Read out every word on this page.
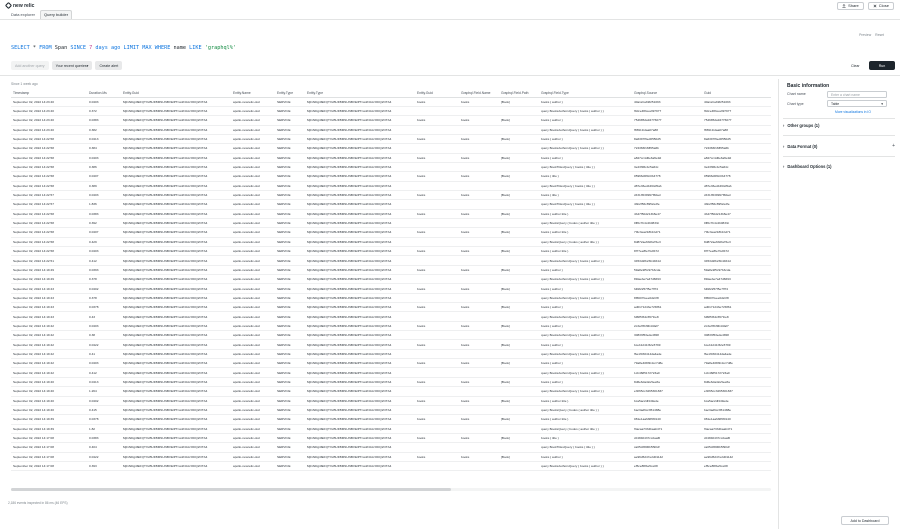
new relic	Share	Close
Data explorer	Query builder
Preview Reset
SELECT * FROM Span SINCE 7 days ago LIMIT MAX WHERE name LIKE 'graphql%'
Add another query	Your recent queries ▾	Create alert	Clear	Run
Since 1 week ago
Timestamp	Duration.Ms	Entity.Guid	Entity.Name	Entity.Type	Entity.Type	Entity.Guid	Graphql.Field.Name	Graphql.Field.Path	Graphql.Field.Type	Graphql.Source	Guid
September 02, 2022 14:23:40	0.0403	MjI1NDg4fEFQTXxBUFBMSUNBVElPTnw2NzAzODQ2OTA4	apollo-newrelic-okd	SERVICE	MjI1NDg4fEFQTXxBUFBMSUNBVElPTnw2NzAzODQ2OTA4	books	books	[Book]	books { author }	40a12cab9f251093	40a12cab9f251093
September 02, 2022 14:23:40	0.372	MjI1NDg4fEFQTXxBUFBMSUNBVElPTnw2NzAzODQ2OTA4	apollo-newrelic-okd	SERVICE	MjI1NDg4fEFQTXxBUFBMSUNBVElPTnw2NzAzODQ2OTA4				query BooksAuthorsQuery { books { author } }	fb0ce4f8cea397977	fb0ce4f8cea397977
September 02, 2022 14:23:40	0.0383	MjI1NDg4fEFQTXxBUFBMSUNBVElPTnw2NzAzODQ2OTA4	apollo-newrelic-okd	SERVICE	MjI1NDg4fEFQTXxBUFBMSUNBVElPTnw2NzAzODQ2OTA4	books	books	[Book]	books { author }	7546852a94776077	7546852a94776077
September 02, 2022 14:23:40	0.382	MjI1NDg4fEFQTXxBUFBMSUNBVElPTnw2NzAzODQ2OTA4	apollo-newrelic-okd	SERVICE	MjI1NDg4fEFQTXxBUFBMSUNBVElPTnw2NzAzODQ2OTA4				query BooksAuthorsQuery { books { author } }	f6591fcdaa07a88	f6591fcdaa07a88
September 02, 2022 14:22:58	0.0413	MjI1NDg4fEFQTXxBUFBMSUNBVElPTnw2NzAzODQ2OTA4	apollo-newrelic-okd	SERVICE	MjI1NDg4fEFQTXxBUFBMSUNBVElPTnw2NzAzODQ2OTA4	books	books	[Book]	books { author }	8a6397f9ed0550d5	8a6397f9ed0550d5
September 02, 2022 14:22:58	0.384	MjI1NDg4fEFQTXxBUFBMSUNBVElPTnw2NzAzODQ2OTA4	apollo-newrelic-okd	SERVICE	MjI1NDg4fEFQTXxBUFBMSUNBVElPTnw2NzAzODQ2OTA4				query BooksAuthorsQuery { books { author } }	724366f16ff65a6b	724366f16ff65a6b
September 02, 2022 14:22:58	0.0403	MjI1NDg4fEFQTXxBUFBMSUNBVElPTnw2NzAzODQ2OTA4	apollo-newrelic-okd	SERVICE	MjI1NDg4fEFQTXxBUFBMSUNBVElPTnw2NzAzODQ2OTA4	books	books	[Book]	books { author }	a827cc4d6e6a5e9d	a827cc4d6e6a5e9d
September 02, 2022 14:22:58	0.386	MjI1NDg4fEFQTXxBUFBMSUNBVElPTnw2NzAzODQ2OTA4	apollo-newrelic-okd	SERVICE	MjI1NDg4fEFQTXxBUFBMSUNBVElPTnw2NzAzODQ2OTA4				query BookTitlesQuery { books { title } }	3e23f96c4c5a64c	3e23f96c4c5a64c
September 02, 2022 14:22:58	0.0407	MjI1NDg4fEFQTXxBUFBMSUNBVElPTnw2NzAzODQ2OTA4	apollo-newrelic-okd	SERVICE	MjI1NDg4fEFQTXxBUFBMSUNBVElPTnw2NzAzODQ2OTA4	books	books	[Book]	books { title }	05966d6f0c0b4778	05966d6f0c0b4778
September 02, 2022 14:22:58	0.389	MjI1NDg4fEFQTXxBUFBMSUNBVElPTnw2NzAzODQ2OTA4	apollo-newrelic-okd	SERVICE	MjI1NDg4fEFQTXxBUFBMSUNBVElPTnw2NzAzODQ2OTA4				query BookTitlesQuery { books { title } }	d87e36ed4464d5ab	d87e36ed4464d5ab
September 02, 2022 14:22:57	0.0403	MjI1NDg4fEFQTXxBUFBMSUNBVElPTnw2NzAzODQ2OTA4	apollo-newrelic-okd	SERVICE	MjI1NDg4fEFQTXxBUFBMSUNBVElPTnw2NzAzODQ2OTA4	books	books	[Book]	books { title }	c6313539997f60ad	c6313539997f60ad
September 02, 2022 14:22:57	1.836	MjI1NDg4fEFQTXxBUFBMSUNBVElPTnw2NzAzODQ2OTA4	apollo-newrelic-okd	SERVICE	MjI1NDg4fEFQTXxBUFBMSUNBVElPTnw2NzAzODQ2OTA4				query BookTitlesQuery { books { title } }	4bb2f56c8952e2fe	4bb2f56c8952e2fe
September 02, 2022 14:22:58	0.0383	MjI1NDg4fEFQTXxBUFBMSUNBVElPTnw2NzAzODQ2OTA4	apollo-newrelic-okd	SERVICE	MjI1NDg4fEFQTXxBUFBMSUNBVElPTnw2NzAzODQ2OTA4	books	books	[Book]	books { author title }	4b47f50d213b8e47	4b47f50d213b8e47
September 02, 2022 14:22:58	0.392	MjI1NDg4fEFQTXxBUFBMSUNBVElPTnw2NzAzODQ2OTA4	apollo-newrelic-okd	SERVICE	MjI1NDg4fEFQTXxBUFBMSUNBVElPTnw2NzAzODQ2OTA4				query BooksQuery { books { author title } }	0ff0c7b4c4b0833c	0ff0c7b4c4b0833c
September 02, 2022 14:22:58	0.0407	MjI1NDg4fEFQTXxBUFBMSUNBVElPTnw2NzAzODQ2OTA4	apollo-newrelic-okd	SERVICE	MjI1NDg4fEFQTXxBUFBMSUNBVElPTnw2NzAzODQ2OTA4	books	books	[Book]	books { author title }	7f4c3ea218b1bd71	7f4c3ea218b1bd71
September 02, 2022 14:22:58	0.429	MjI1NDg4fEFQTXxBUFBMSUNBVElPTnw2NzAzODQ2OTA4	apollo-newrelic-okd	SERVICE	MjI1NDg4fEFQTXxBUFBMSUNBVElPTnw2NzAzODQ2OTA4				query BooksQuery { books { author title } }	8d872ae6b0fa76e3	8d872ae6b0fa76e3
September 02, 2022 14:22:58	0.0403	MjI1NDg4fEFQTXxBUFBMSUNBVElPTnw2NzAzODQ2OTA4	apollo-newrelic-okd	SERVICE	MjI1NDg4fEFQTXxBUFBMSUNBVElPTnw2NzAzODQ2OTA4	books	books	[Book]	books { author title }	8f77ee8fe7fe8472	8f77ee8fe7fe8472
September 02, 2022 14:22:51	0.412	MjI1NDg4fEFQTXxBUFBMSUNBVElPTnw2NzAzODQ2OTA4	apollo-newrelic-okd	SERVICE	MjI1NDg4fEFQTXxBUFBMSUNBVElPTnw2NzAzODQ2OTA4				query BooksAuthorsQuery { books { author } }	3453d2fb23b4464d	3453d2fb23b4464d
September 02, 2022 14:19:49	0.0393	MjI1NDg4fEFQTXxBUFBMSUNBVElPTnw2NzAzODQ2OTA4	apollo-newrelic-okd	SERVICE	MjI1NDg4fEFQTXxBUFBMSUNBVElPTnw2NzAzODQ2OTA4	books	books	[Book]	books { author }	59a8e9f5c97b3cda	59a8e9f5c97b3cda
September 02, 2022 14:19:49	0.378	MjI1NDg4fEFQTXxBUFBMSUNBVElPTnw2NzAzODQ2OTA4	apollo-newrelic-okd	SERVICE	MjI1NDg4fEFQTXxBUFBMSUNBVElPTnw2NzAzODQ2OTA4				query BooksAuthorsQuery { books { author } }	8fdaebe7a47d6693	8fdaebe7a47d6693
September 02, 2022 14:19:43	0.0402	MjI1NDg4fEFQTXxBUFBMSUNBVElPTnw2NzAzODQ2OTA4	apollo-newrelic-okd	SERVICE	MjI1NDg4fEFQTXxBUFBMSUNBVElPTnw2NzAzODQ2OTA4	books	books	[Book]	books { author }	fdb82257f5e7ff74	fdb82257f5e7ff74
September 02, 2022 14:19:43	0.378	MjI1NDg4fEFQTXxBUFBMSUNBVElPTnw2NzAzODQ2OTA4	apollo-newrelic-okd	SERVICE	MjI1NDg4fEFQTXxBUFBMSUNBVElPTnw2NzAzODQ2OTA4				query BooksAuthorsQuery { books { author } }	8f6607feee0d2cf8	8f6607feee0d2cf8
September 02, 2022 14:19:43	0.0378	MjI1NDg4fEFQTXxBUFBMSUNBVElPTnw2NzAzODQ2OTA4	apollo-newrelic-okd	SERVICE	MjI1NDg4fEFQTXxBUFBMSUNBVElPTnw2NzAzODQ2OTA4	books	books	[Book]	books { author }	ad0171243e7c5861	ad0171243e7c5861
September 02, 2022 14:19:43	0.43	MjI1NDg4fEFQTXxBUFBMSUNBVElPTnw2NzAzODQ2OTA4	apollo-newrelic-okd	SERVICE	MjI1NDg4fEFQTXxBUFBMSUNBVElPTnw2NzAzODQ2OTA4				query BooksAuthorsQuery { books { author } }	fd685f34c657fce8	fd685f34c657fce8
September 02, 2022 14:19:42	0.0403	MjI1NDg4fEFQTXxBUFBMSUNBVElPTnw2NzAzODQ2OTA4	apollo-newrelic-okd	SERVICE	MjI1NDg4fEFQTXxBUFBMSUNBVElPTnw2NzAzODQ2OTA4	books	books	[Book]	books { author }	2c3a78bf9b44faf7	2c3a78bf9b44faf7
September 02, 2022 14:19:42	0.38	MjI1NDg4fEFQTXxBUFBMSUNBVElPTnw2NzAzODQ2OTA4	apollo-newrelic-okd	SERVICE	MjI1NDg4fEFQTXxBUFBMSUNBVElPTnw2NzAzODQ2OTA4				query BooksAuthorsQuery { books { author } }	30833f53ede4ff28	30833f53ede4ff28
September 02, 2022 14:19:42	0.0422	MjI1NDg4fEFQTXxBUFBMSUNBVElPTnw2NzAzODQ2OTA4	apollo-newrelic-okd	SERVICE	MjI1NDg4fEFQTXxBUFBMSUNBVElPTnw2NzAzODQ2OTA4	books	books	[Book]	books { author }	bceb1241f32e5799	bceb1241f32e5799
September 02, 2022 14:19:42	0.41	MjI1NDg4fEFQTXxBUFBMSUNBVElPTnw2NzAzODQ2OTA4	apollo-newrelic-okd	SERVICE	MjI1NDg4fEFQTXxBUFBMSUNBVElPTnw2NzAzODQ2OTA4				query BooksAuthorsQuery { books { author } }	f6e1f030414da4ade	f6e1f030414da4ade
September 02, 2022 14:19:42	0.0403	MjI1NDg4fEFQTXxBUFBMSUNBVElPTnw2NzAzODQ2OTA4	apollo-newrelic-okd	SERVICE	MjI1NDg4fEFQTXxBUFBMSUNBVElPTnw2NzAzODQ2OTA4	books	books	[Book]	books { author }	79a8e4083b4cc7d8e	79a8e4083b4cc7d8e
September 02, 2022 14:19:42	0.412	MjI1NDg4fEFQTXxBUFBMSUNBVElPTnw2NzAzODQ2OTA4	apollo-newrelic-okd	SERVICE	MjI1NDg4fEFQTXxBUFBMSUNBVElPTnw2NzAzODQ2OTA4				query BooksAuthorsQuery { books { author } }	1cb4685172723a0	1cb4685172723a0
September 02, 2022 14:19:40	0.0413	MjI1NDg4fEFQTXxBUFBMSUNBVElPTnw2NzAzODQ2OTA4	apollo-newrelic-okd	SERVICE	MjI1NDg4fEFQTXxBUFBMSUNBVElPTnw2NzAzODQ2OTA4	books	books	[Book]	books { author }	8d6e6da42e5ee8a	8d6e6da42e5ee8a
September 02, 2022 14:19:40	1.264	MjI1NDg4fEFQTXxBUFBMSUNBVElPTnw2NzAzODQ2OTA4	apollo-newrelic-okd	SERVICE	MjI1NDg4fEFQTXxBUFBMSUNBVElPTnw2NzAzODQ2OTA4				query BooksAuthorsQuery { books { author } }	ef1f65cc3465301837	ef1f65cc3465301837
September 02, 2022 14:19:40	0.0402	MjI1NDg4fEFQTXxBUFBMSUNBVElPTnw2NzAzODQ2OTA4	apollo-newrelic-okd	SERVICE	MjI1NDg4fEFQTXxBUFBMSUNBVElPTnw2NzAzODQ2OTA4	books	books	[Book]	books { author title }	bca5ac2df449ede	bca5ac2df449ede
September 02, 2022 14:19:40	0.415	MjI1NDg4fEFQTXxBUFBMSUNBVElPTnw2NzAzODQ2OTA4	apollo-newrelic-okd	SERVICE	MjI1NDg4fEFQTXxBUFBMSUNBVElPTnw2NzAzODQ2OTA4				query BooksQuery { books { author title } }	bac3ad6cc951488e	bac3ad6cc951488e
September 02, 2022 14:19:39	0.0378	MjI1NDg4fEFQTXxBUFBMSUNBVElPTnw2NzAzODQ2OTA4	apollo-newrelic-okd	SERVICE	MjI1NDg4fEFQTXxBUFBMSUNBVElPTnw2NzAzODQ2OTA4	books	books	[Book]	books { author title }	081e1aafd9f6f0140	081e1aafd9f6f0140
September 02, 2022 14:19:39	1.82	MjI1NDg4fEFQTXxBUFBMSUNBVElPTnw2NzAzODQ2OTA4	apollo-newrelic-okd	SERVICE	MjI1NDg4fEFQTXxBUFBMSUNBVElPTnw2NzAzODQ2OTA4				query BooksQuery { books { author title } }	f3acaa7334baab471	f3acaa7334baab471
September 02, 2022 14:17:08	0.0383	MjI1NDg4fEFQTXxBUFBMSUNBVElPTnw2NzAzODQ2OTA4	apollo-newrelic-okd	SERVICE	MjI1NDg4fEFQTXxBUFBMSUNBVElPTnw2NzAzODQ2OTA4	books	books	[Book]	books { title }	c04840437cc2aaf0	c04840437cc2aaf0
September 02, 2022 14:17:08	0.404	MjI1NDg4fEFQTXxBUFBMSUNBVElPTnw2NzAzODQ2OTA4	apollo-newrelic-okd	SERVICE	MjI1NDg4fEFQTXxBUFBMSUNBVElPTnw2NzAzODQ2OTA4				query BookTitlesQuery { books { title } }	ca05c8806b5f90df	ca05c8806b5f90df
September 02, 2022 14:17:08	0.0422	MjI1NDg4fEFQTXxBUFBMSUNBVElPTnw2NzAzODQ2OTA4	apollo-newrelic-okd	SERVICE	MjI1NDg4fEFQTXxBUFBMSUNBVElPTnw2NzAzODQ2OTA4	books	books	[Book]	books { author }	ae96d5247e2d01142	ae96d5247e2d01142
September 02, 2022 14:17:08	0.393	MjI1NDg4fEFQTXxBUFBMSUNBVElPTnw2NzAzODQ2OTA4	apollo-newrelic-okd	SERVICE	MjI1NDg4fEFQTXxBUFBMSUNBVElPTnw2NzAzODQ2OTA4				query BooksAuthorsQuery { books { author } }	ef5ce8f8be5ce08	ef5ce8f8be5ce08
2,186 events inspected in 86 ms (46 EPS)
Basic information
Chart name	Enter a chart name
Chart type	Table	▾
More visualizations in IO
› Other groups (1)
› Data Format (0)	+
› Dashboard Options (1)
Add to Dashboard
